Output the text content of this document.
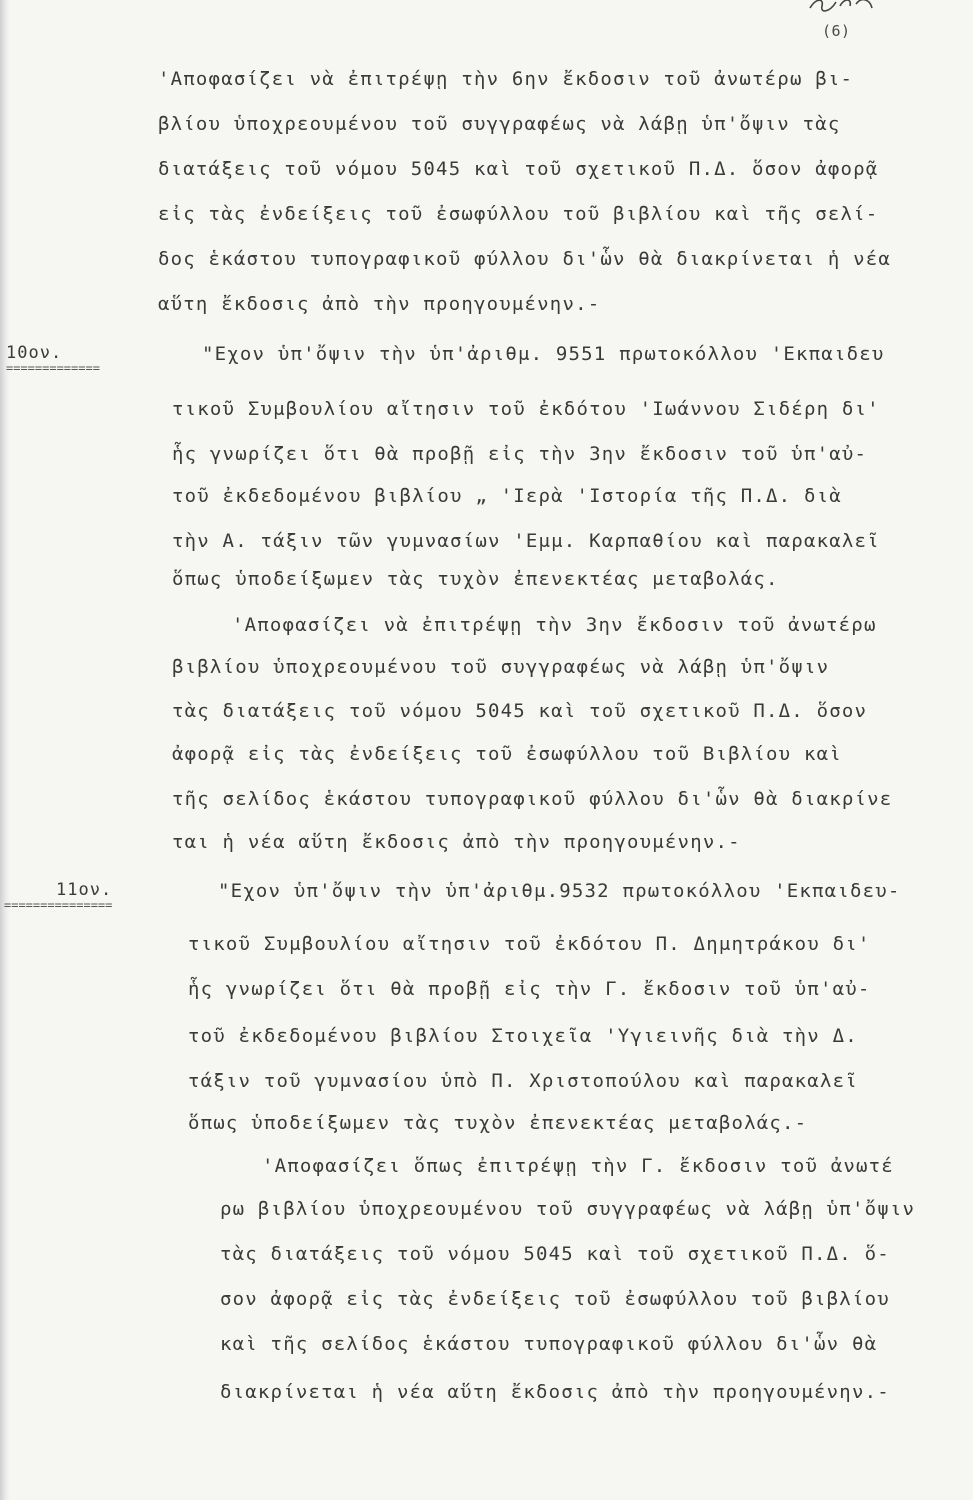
(6)
'Αποφασίζει νὰ ἐπιτρέψῃ τὴν 6ην ἔκδοσιν τοῦ ἀνωτέρω βι-
βλίου ὑποχρεουμένου τοῦ συγγραφέως νὰ λάβῃ ὑπ'ὄψιν τὰς
διατάξεις τοῦ νόμου 5045 καὶ τοῦ σχετικοῦ Π.Δ. ὅσον ἀφορᾷ
εἰς τὰς ἐνδείξεις τοῦ ἐσωφύλλου τοῦ βιβλίου καὶ τῆς σελί-
δος ἑκάστου τυπογραφικοῦ φύλλου δι'ὧν θὰ διακρίνεται ἡ νέα
αὕτη ἔκδοσις ἀπὸ τὴν προηγουμένην.-
10ον.
=============
"Εχον ὑπ'ὄψιν τὴν ὑπ'ἀριθμ. 9551 πρωτοκόλλου 'Εκπαιδευ
τικοῦ Συμβουλίου αἴτησιν τοῦ ἐκδότου 'Ιωάννου Σιδέρη δι'
ἧς γνωρίζει ὅτι θὰ προβῇ εἰς τὴν 3ην ἔκδοσιν τοῦ ὑπ'αὐ-
τοῦ ἐκδεδομένου βιβλίου „ 'Ιερὰ 'Ιστορία τῆς Π.Δ. διὰ
τὴν Α. τάξιν τῶν γυμνασίων 'Εμμ. Καρπαθίου καὶ παρακαλεῖ
ὅπως ὑποδείξωμεν τὰς τυχὸν ἐπενεκτέας μεταβολάς.
'Αποφασίζει νὰ ἐπιτρέψῃ τὴν 3ην ἔκδοσιν τοῦ ἀνωτέρω
βιβλίου ὑποχρεουμένου τοῦ συγγραφέως νὰ λάβῃ ὑπ'ὄψιν
τὰς διατάξεις τοῦ νόμου 5045 καὶ τοῦ σχετικοῦ Π.Δ. ὅσον
ἀφορᾷ εἰς τὰς ἐνδείξεις τοῦ ἐσωφύλλου τοῦ Βιβλίου καὶ
τῆς σελίδος ἑκάστου τυπογραφικοῦ φύλλου δι'ὧν θὰ διακρίνε
ται ἡ νέα αὕτη ἔκδοσις ἀπὸ τὴν προηγουμένην.-
11ον.
===============
"Εχον ὑπ'ὄψιν τὴν ὑπ'ἀριθμ.9532 πρωτοκόλλου 'Εκπαιδευ-
τικοῦ Συμβουλίου αἴτησιν τοῦ ἐκδότου Π. Δημητράκου δι'
ἧς γνωρίζει ὅτι θὰ προβῇ εἰς τὴν Γ. ἔκδοσιν τοῦ ὑπ'αὐ-
τοῦ ἐκδεδομένου βιβλίου Στοιχεῖα 'Υγιεινῆς διὰ τὴν Δ.
τάξιν τοῦ γυμνασίου ὑπὸ Π. Χριστοπούλου καὶ παρακαλεῖ
ὅπως ὑποδείξωμεν τὰς τυχὸν ἐπενεκτέας μεταβολάς.-
'Αποφασίζει ὅπως ἐπιτρέψῃ τὴν Γ. ἔκδοσιν τοῦ ἀνωτέ
ρω βιβλίου ὑποχρεουμένου τοῦ συγγραφέως νὰ λάβῃ ὑπ'ὄψιν
τὰς διατάξεις τοῦ νόμου 5045 καὶ τοῦ σχετικοῦ Π.Δ. ὅ-
σον ἀφορᾷ εἰς τὰς ἐνδείξεις τοῦ ἐσωφύλλου τοῦ βιβλίου
καὶ τῆς σελίδος ἑκάστου τυπογραφικοῦ φύλλου δι'ὧν θὰ
διακρίνεται ἡ νέα αὕτη ἔκδοσις ἀπὸ τὴν προηγουμένην.-
